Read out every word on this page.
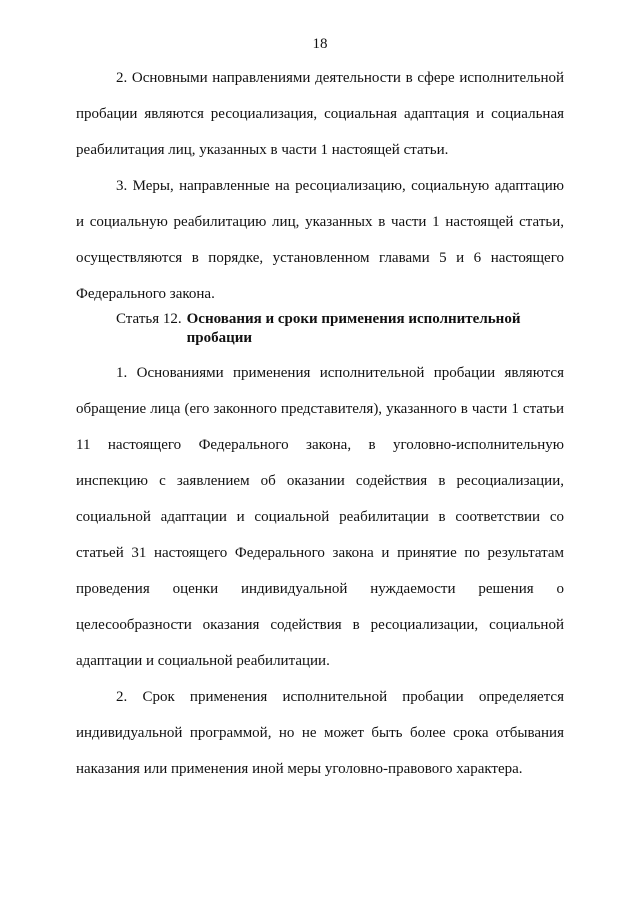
18

2. Основными направлениями деятельности в сфере исполнительной пробации являются ресоциализация, социальная адаптация и социальная реабилитация лиц, указанных в части 1 настоящей статьи.

3. Меры, направленные на ресоциализацию, социальную адаптацию и социальную реабилитацию лиц, указанных в части 1 настоящей статьи, осуществляются в порядке, установленном главами 5 и 6 настоящего Федерального закона.

Статья 12. Основания и сроки применения исполнительной пробации

1. Основаниями применения исполнительной пробации являются обращение лица (его законного представителя), указанного в части 1 статьи 11 настоящего Федерального закона, в уголовно-исполнительную инспекцию с заявлением об оказании содействия в ресоциализации, социальной адаптации и социальной реабилитации в соответствии со статьей 31 настоящего Федерального закона и принятие по результатам проведения оценки индивидуальной нуждаемости решения о целесообразности оказания содействия в ресоциализации, социальной адаптации и социальной реабилитации.

2. Срок применения исполнительной пробации определяется индивидуальной программой, но не может быть более срока отбывания наказания или применения иной меры уголовно-правового характера.
